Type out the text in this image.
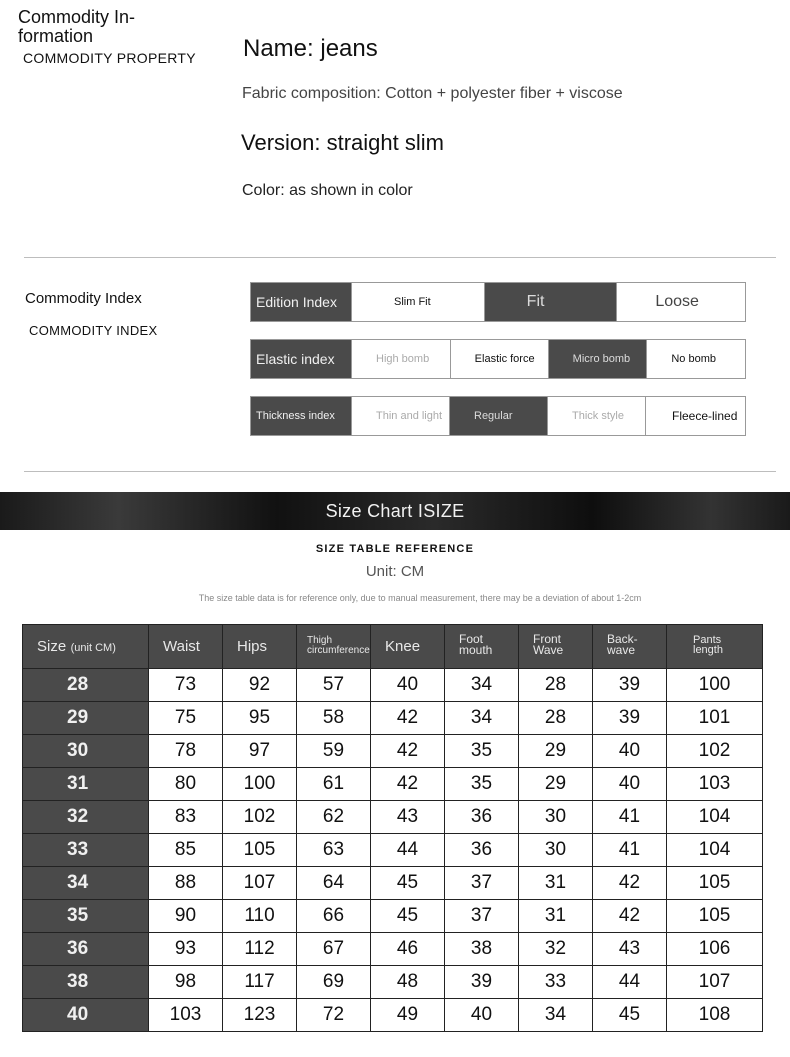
Commodity In-
formation
COMMODITY PROPERTY Name: jeans
Fabric composition: Cotton + polyester fiber + viscose
Version: straight slim
Color: as shown in color
Commodity Index
COMMODITY INDEX
Edition Index	Slim Fit	Fit	Loose
Elastic index	High bomb	Elastic force	Micro bomb	No bomb
Thickness index	Thin and light	Regular	Thick style	Fleece-lined
Size Chart ISIZE
SIZE TABLE REFERENCE
Unit: CM
The size table data is for reference only, due to manual measurement, there may be a deviation of about 1-2cm
Size (unit CM)	Waist	Hips	Thigh circumference	Knee	Foot mouth	Front Wave	Back-wave	Pants length
28	73	92	57	40	34	28	39	100
29	75	95	58	42	34	28	39	101
30	78	97	59	42	35	29	40	102
31	80	100	61	42	35	29	40	103
32	83	102	62	43	36	30	41	104
33	85	105	63	44	36	30	41	104
34	88	107	64	45	37	31	42	105
35	90	110	66	45	37	31	42	105
36	93	112	67	46	38	32	43	106
38	98	117	69	48	39	33	44	107
40	103	123	72	49	40	34	45	108
